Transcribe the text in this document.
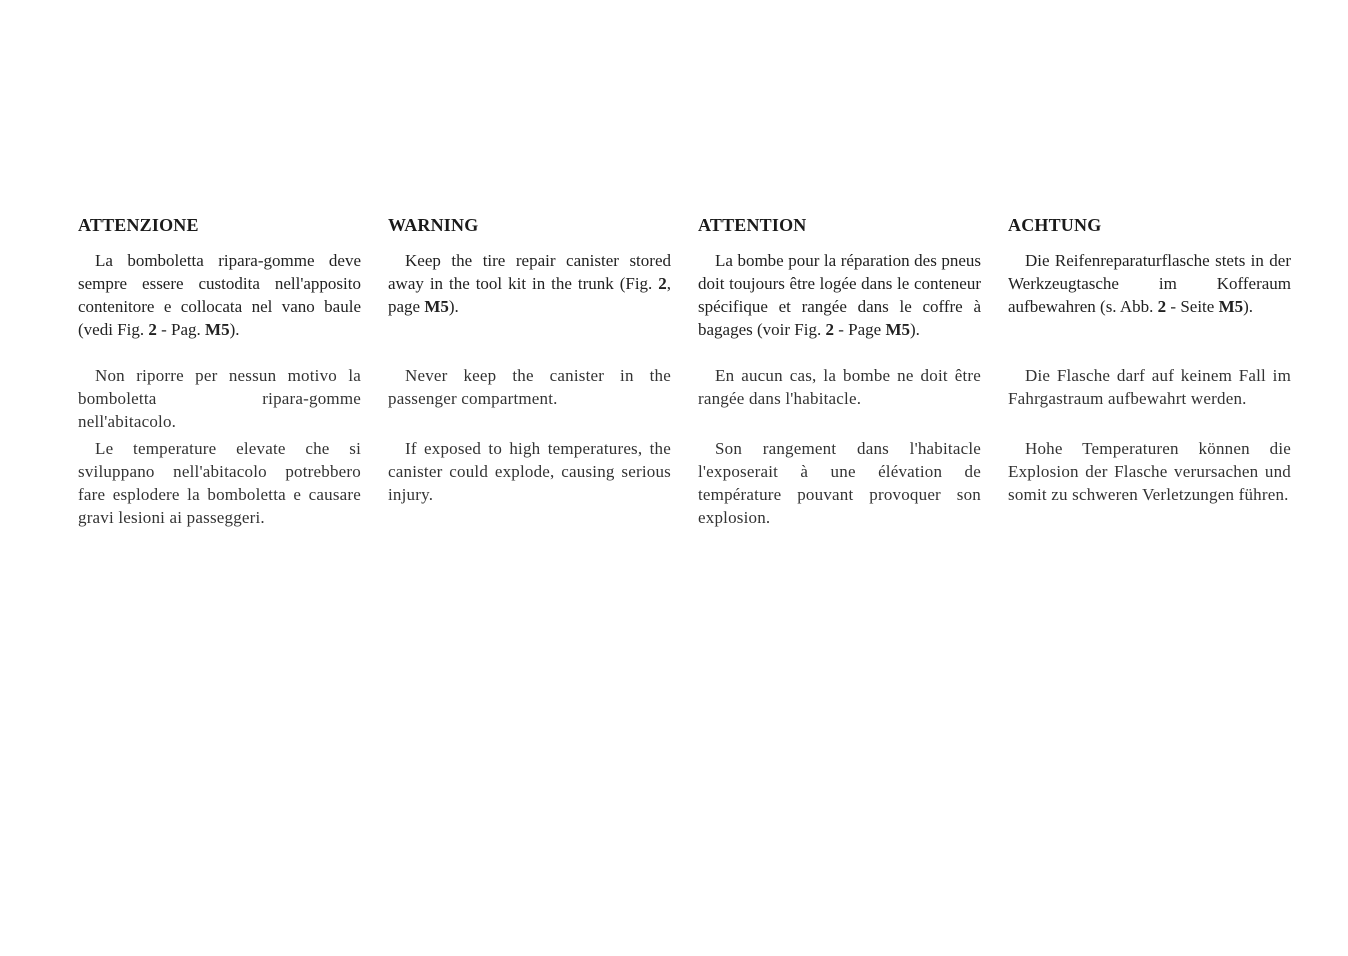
ATTENZIONE

La bomboletta ripara-gomme deve sempre essere custodita nell'apposito contenitore e collocata nel vano baule (vedi Fig. 2 - Pag. M5).

Non riporre per nessun motivo la bomboletta ripara-gomme nell'abitacolo.

Le temperature elevate che si sviluppano nell'abitacolo potrebbero fare esplodere la bomboletta e causare gravi lesioni ai passeggeri.

WARNING

Keep the tire repair canister stored away in the tool kit in the trunk (Fig. 2, page M5).

Never keep the canister in the passenger compartment.

If exposed to high temperatures, the canister could explode, causing serious injury.

ATTENTION

La bombe pour la réparation des pneus doit toujours être logée dans le conteneur spécifique et rangée dans le coffre à bagages (voir Fig. 2 - Page M5).

En aucun cas, la bombe ne doit être rangée dans l'habitacle.

Son rangement dans l'habitacle l'exposerait à une élévation de température pouvant provoquer son explosion.

ACHTUNG

Die Reifenreparaturflasche stets in der Werkzeugtasche im Kofferaum aufbewahren (s. Abb. 2 - Seite M5).

Die Flasche darf auf keinem Fall im Fahrgastraum aufbewahrt werden.

Hohe Temperaturen können die Explosion der Flasche verursachen und somit zu schweren Verletzungen führen.
